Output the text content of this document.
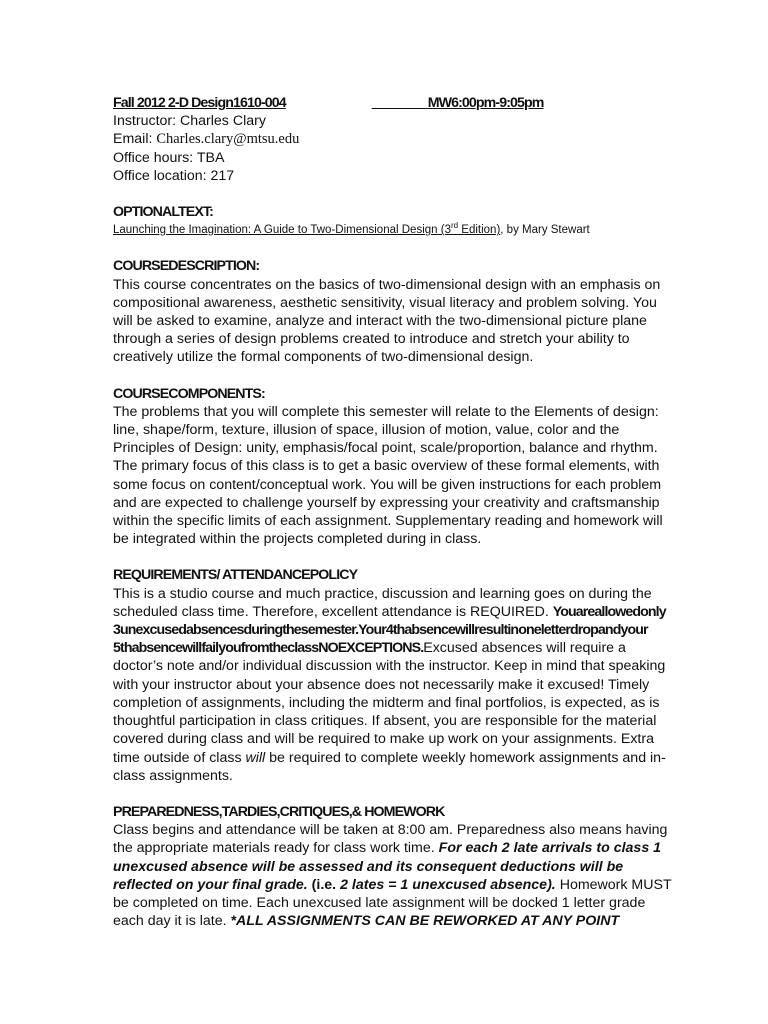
Fall 2012 2-D Design1610-004	________MW6:00pm-9:05pm
Instructor: Charles Clary
Email: Charles.clary@mtsu.edu
Office hours: TBA
Office location: 217
OPTIONALTEXT:
Launching the Imagination: A Guide to Two-Dimensional Design (3rd Edition), by Mary Stewart
COURSEDESCRIPTION:
This course concentrates on the basics of two-dimensional design with an emphasis on
compositional awareness, aesthetic sensitivity, visual literacy and problem solving. You
will be asked to examine, analyze and interact with the two-dimensional picture plane
through a series of design problems created to introduce and stretch your ability to
creatively utilize the formal components of two-dimensional design.
COURSECOMPONENTS:
The problems that you will complete this semester will relate to the Elements of design:
line, shape/form, texture, illusion of space, illusion of motion, value, color and the
Principles of Design: unity, emphasis/focal point, scale/proportion, balance and rhythm.
The primary focus of this class is to get a basic overview of these formal elements, with
some focus on content/conceptual work. You will be given instructions for each problem
and are expected to challenge yourself by expressing your creativity and craftsmanship
within the specific limits of each assignment. Supplementary reading and homework will
be integrated within the projects completed during in class.
REQUIREMENTS/ ATTENDANCEPOLICY
This is a studio course and much practice, discussion and learning goes on during the
scheduled class time. Therefore, excellent attendance is REQUIRED. Youareallowedonly
3unexcusedabsencesduringthesemester.Your4thabsencewillresultinoneletterdropandyour
5thabsencewillfailyoufromtheclassNOEXCEPTIONS.Excused absences will require a
doctor’s note and/or individual discussion with the instructor. Keep in mind that speaking
with your instructor about your absence does not necessarily make it excused! Timely
completion of assignments, including the midterm and final portfolios, is expected, as is
thoughtful participation in class critiques. If absent, you are responsible for the material
covered during class and will be required to make up work on your assignments. Extra
time outside of class will be required to complete weekly homework assignments and in-
class assignments.
PREPAREDNESS,TARDIES,CRITIQUES,& HOMEWORK
Class begins and attendance will be taken at 8:00 am. Preparedness also means having
the appropriate materials ready for class work time. For each 2 late arrivals to class 1
unexcused absence will be assessed and its consequent deductions will be
reflected on your final grade. (i.e. 2 lates = 1 unexcused absence). Homework MUST
be completed on time. Each unexcused late assignment will be docked 1 letter grade
each day it is late. *ALL ASSIGNMENTS CAN BE REWORKED AT ANY POINT
